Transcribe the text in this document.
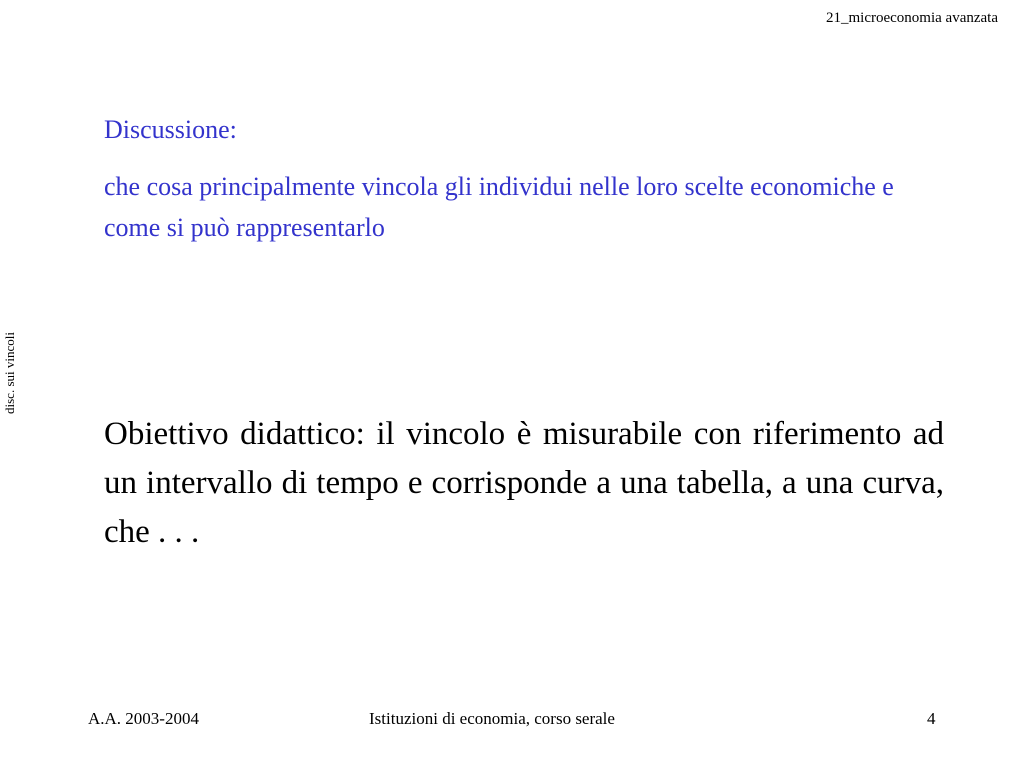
21_microeconomia avanzata
disc. sui vincoli
Discussione:

che cosa principalmente vincola gli individui nelle loro scelte economiche e come si può rappresentarlo

Obiettivo didattico: il vincolo è misurabile con riferimento ad un intervallo di tempo e corrisponde a una tabella, a una curva, che . . .

A.A. 2003-2004	Istituzioni di economia, corso serale	4
